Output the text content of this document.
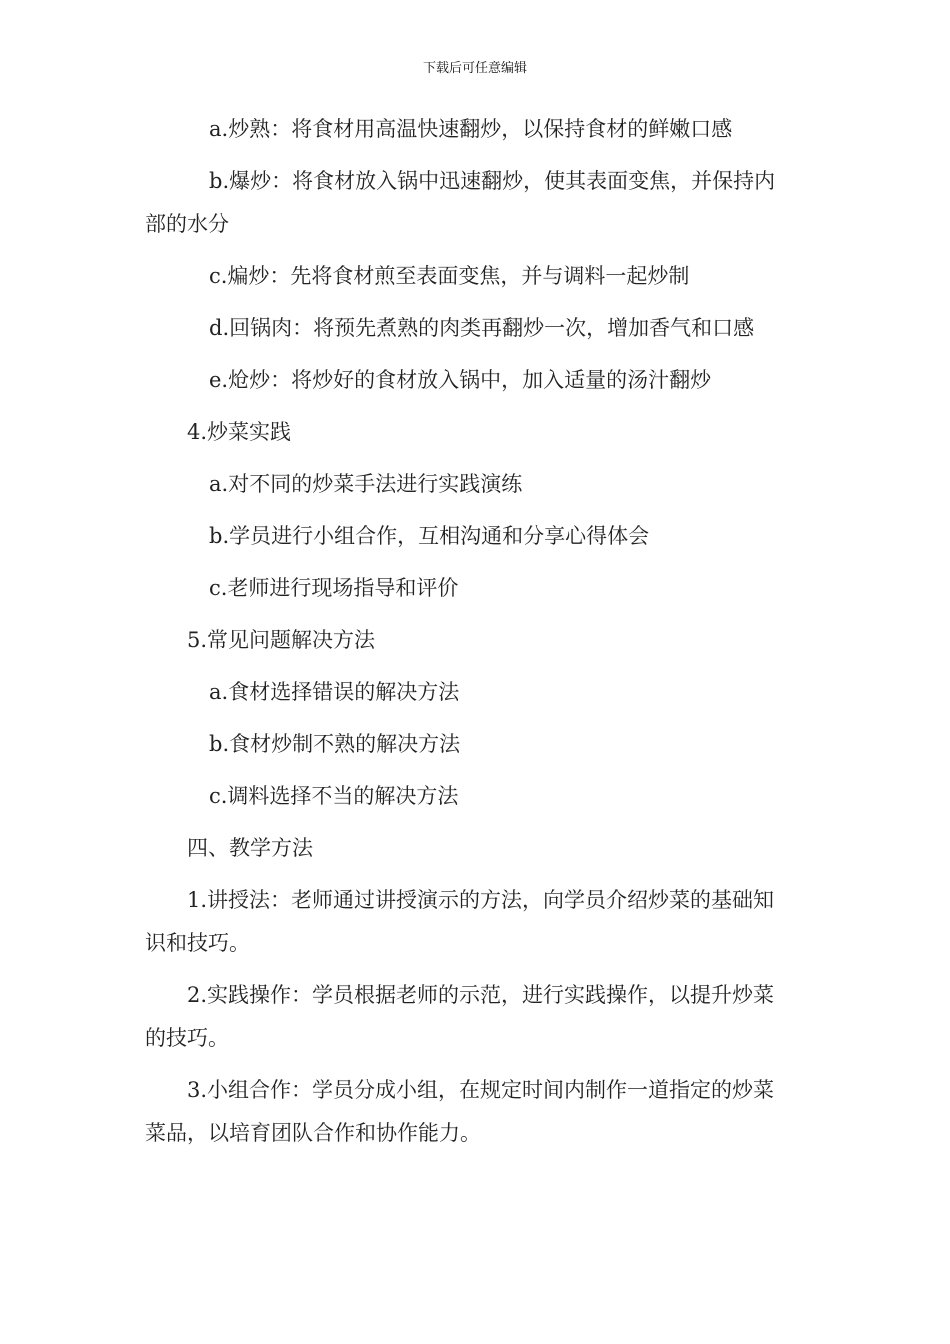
下载后可任意编辑

a.炒熟：将食材用高温快速翻炒，以保持食材的鲜嫩口感

b.爆炒：将食材放入锅中迅速翻炒，使其表面变焦，并保持内部的水分

c.煸炒：先将食材煎至表面变焦，并与调料一起炒制

d.回锅肉：将预先煮熟的肉类再翻炒一次，增加香气和口感

e.炝炒：将炒好的食材放入锅中，加入适量的汤汁翻炒

4.炒菜实践

a.对不同的炒菜手法进行实践演练

b.学员进行小组合作，互相沟通和分享心得体会

c.老师进行现场指导和评价

5.常见问题解决方法

a.食材选择错误的解决方法

b.食材炒制不熟的解决方法

c.调料选择不当的解决方法

四、教学方法

1.讲授法：老师通过讲授演示的方法，向学员介绍炒菜的基础知识和技巧。

2.实践操作：学员根据老师的示范，进行实践操作，以提升炒菜的技巧。

3.小组合作：学员分成小组，在规定时间内制作一道指定的炒菜菜品，以培育团队合作和协作能力。
